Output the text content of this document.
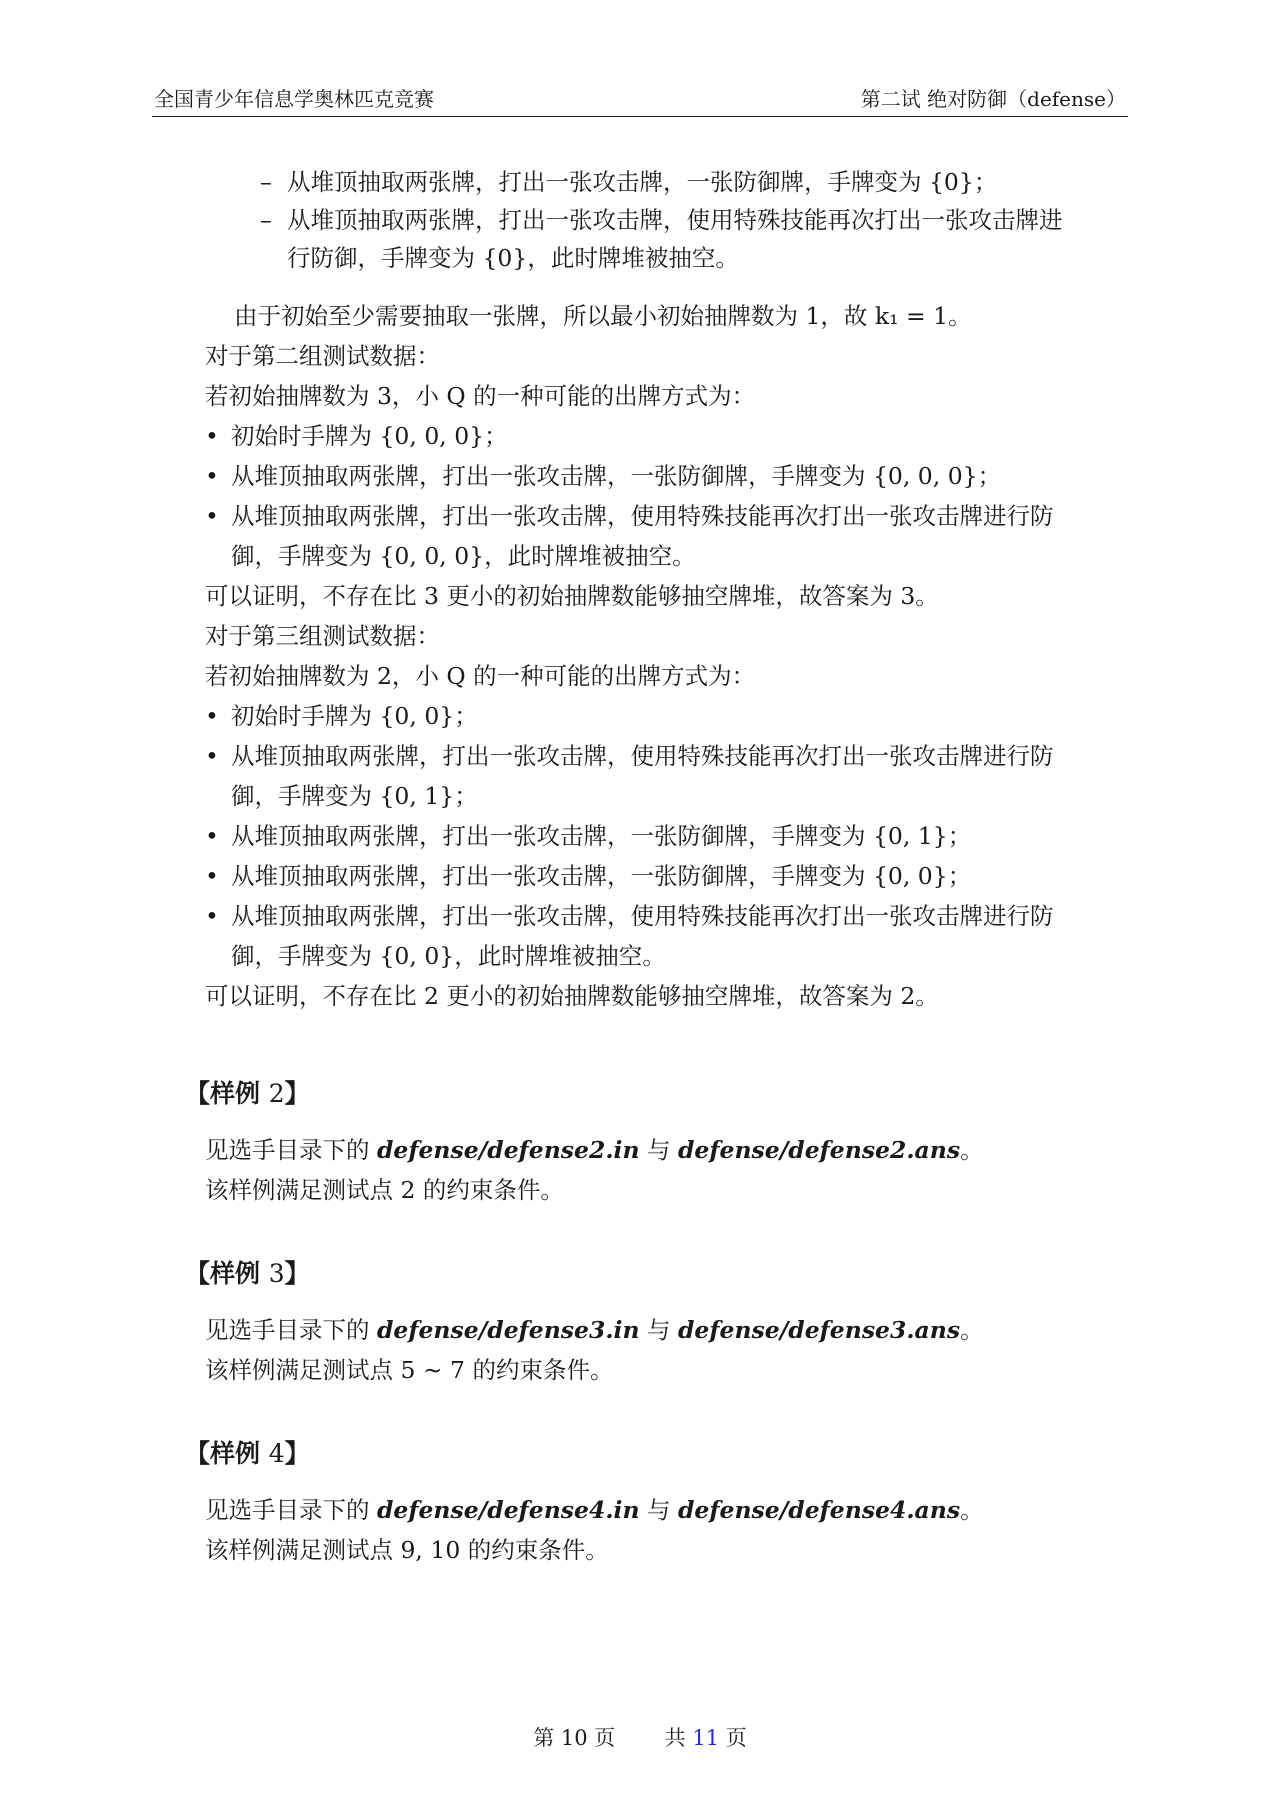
全国青少年信息学奥林匹克竞赛	第二试 绝对防御（defense）
– 从堆顶抽取两张牌，打出一张攻击牌，一张防御牌，手牌变为 {0}；
– 从堆顶抽取两张牌，打出一张攻击牌，使用特殊技能再次打出一张攻击牌进
行防御，手牌变为 {0}，此时牌堆被抽空。
由于初始至少需要抽取一张牌，所以最小初始抽牌数为 1，故 k₁ = 1。
对于第二组测试数据：
若初始抽牌数为 3，小 Q 的一种可能的出牌方式为：
• 初始时手牌为 {0, 0, 0}；
• 从堆顶抽取两张牌，打出一张攻击牌，一张防御牌，手牌变为 {0, 0, 0}；
• 从堆顶抽取两张牌，打出一张攻击牌，使用特殊技能再次打出一张攻击牌进行防
御，手牌变为 {0, 0, 0}，此时牌堆被抽空。
可以证明，不存在比 3 更小的初始抽牌数能够抽空牌堆，故答案为 3。
对于第三组测试数据：
若初始抽牌数为 2，小 Q 的一种可能的出牌方式为：
• 初始时手牌为 {0, 0}；
• 从堆顶抽取两张牌，打出一张攻击牌，使用特殊技能再次打出一张攻击牌进行防
御，手牌变为 {0, 1}；
• 从堆顶抽取两张牌，打出一张攻击牌，一张防御牌，手牌变为 {0, 1}；
• 从堆顶抽取两张牌，打出一张攻击牌，一张防御牌，手牌变为 {0, 0}；
• 从堆顶抽取两张牌，打出一张攻击牌，使用特殊技能再次打出一张攻击牌进行防
御，手牌变为 {0, 0}，此时牌堆被抽空。
可以证明，不存在比 2 更小的初始抽牌数能够抽空牌堆，故答案为 2。
【样例 2】
见选手目录下的 defense/defense2.in 与 defense/defense2.ans。
该样例满足测试点 2 的约束条件。
【样例 3】
见选手目录下的 defense/defense3.in 与 defense/defense3.ans。
该样例满足测试点 5 ∼ 7 的约束条件。
【样例 4】
见选手目录下的 defense/defense4.in 与 defense/defense4.ans。
该样例满足测试点 9, 10 的约束条件。
第 10 页 共 11 页
